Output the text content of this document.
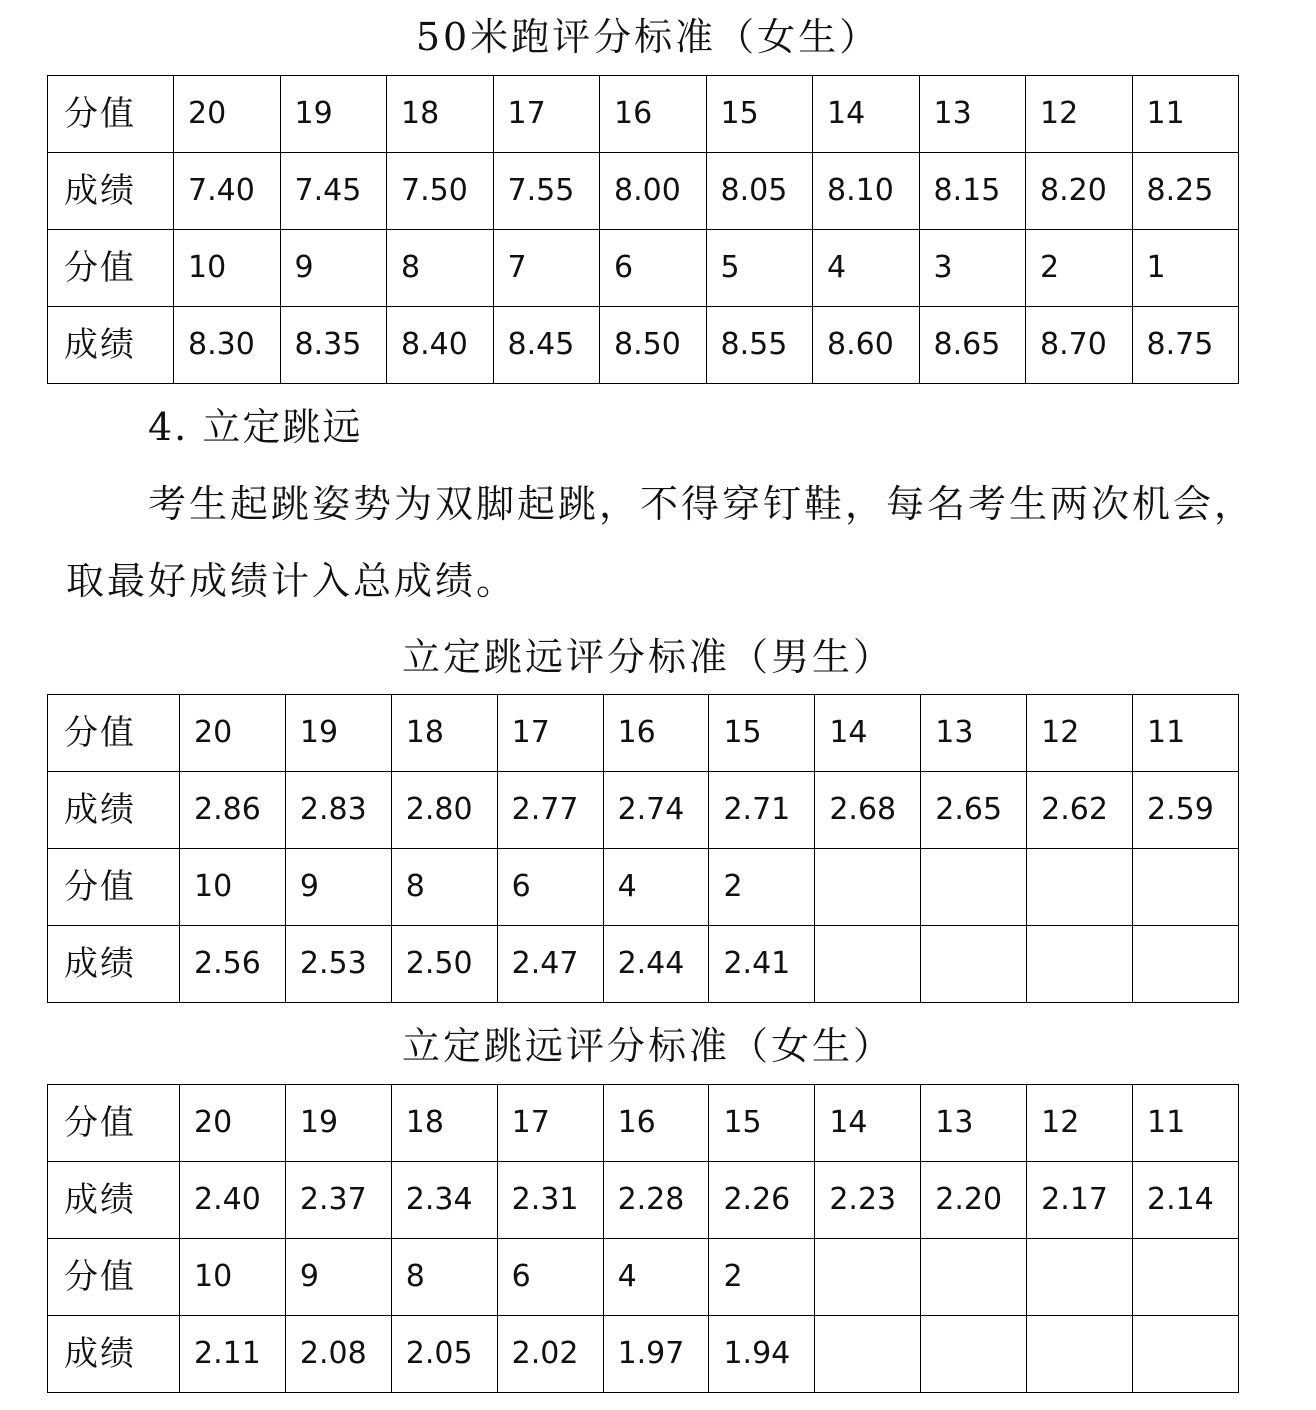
50米跑评分标准（女生）
分值	20	19	18	17	16	15	14	13	12	11
成绩	7.40	7.45	7.50	7.55	8.00	8.05	8.10	8.15	8.20	8.25
分值	10	9	8	7	6	5	4	3	2	1
成绩	8.30	8.35	8.40	8.45	8.50	8.55	8.60	8.65	8.70	8.75
4. 立定跳远

考生起跳姿势为双脚起跳，不得穿钉鞋，每名考生两次机会，

取最好成绩计入总成绩。

立定跳远评分标准（男生）
分值	20	19	18	17	16	15	14	13	12	11
成绩	2.86	2.83	2.80	2.77	2.74	2.71	2.68	2.65	2.62	2.59
分值	10	9	8	6	4	2				
成绩	2.56	2.53	2.50	2.47	2.44	2.41				
立定跳远评分标准（女生）
分值	20	19	18	17	16	15	14	13	12	11
成绩	2.40	2.37	2.34	2.31	2.28	2.26	2.23	2.20	2.17	2.14
分值	10	9	8	6	4	2				
成绩	2.11	2.08	2.05	2.02	1.97	1.94				
